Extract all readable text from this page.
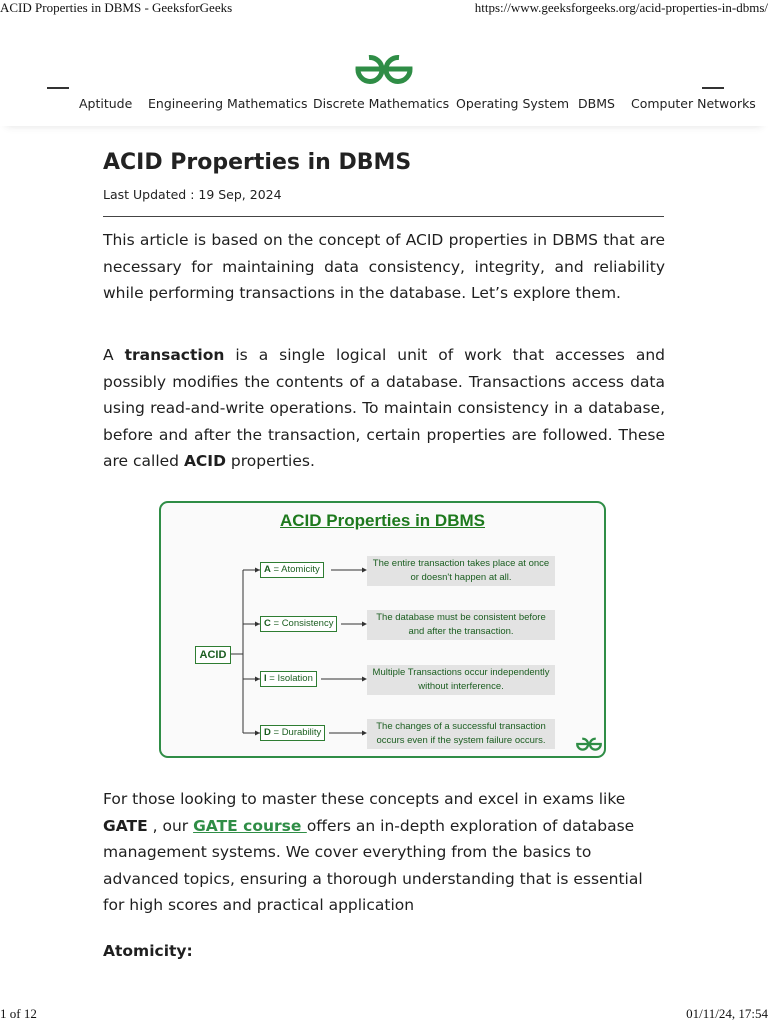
ACID Properties in DBMS - GeeksforGeeks	https://www.geeksforgeeks.org/acid-properties-in-dbms/
Aptitude Engineering Mathematics Discrete Mathematics Operating System DBMS Computer Networks
ACID Properties in DBMS
Last Updated : 19 Sep, 2024

This article is based on the concept of ACID properties in DBMS that are necessary for maintaining data consistency, integrity, and reliability while performing transactions in the database. Let’s explore them.

A transaction is a single logical unit of work that accesses and possibly modifies the contents of a database. Transactions access data using read-and-write operations. To maintain consistency in a database, before and after the transaction, certain properties are followed. These are called ACID properties.

ACID Properties in DBMS
ACID
A = Atomicity
The entire transaction takes place at once
or doesn't happen at all.
C = Consistency
The database must be consistent before
and after the transaction.
I = Isolation
Multiple Transactions occur independently
without interference.
D = Durability
The changes of a successful transaction
occurs even if the system failure occurs.

For those looking to master these concepts and excel in exams like GATE , our GATE course offers an in-depth exploration of database management systems. We cover everything from the basics to advanced topics, ensuring a thorough understanding that is essential for high scores and practical application

Atomicity:
1 of 12	01/11/24, 17:54
